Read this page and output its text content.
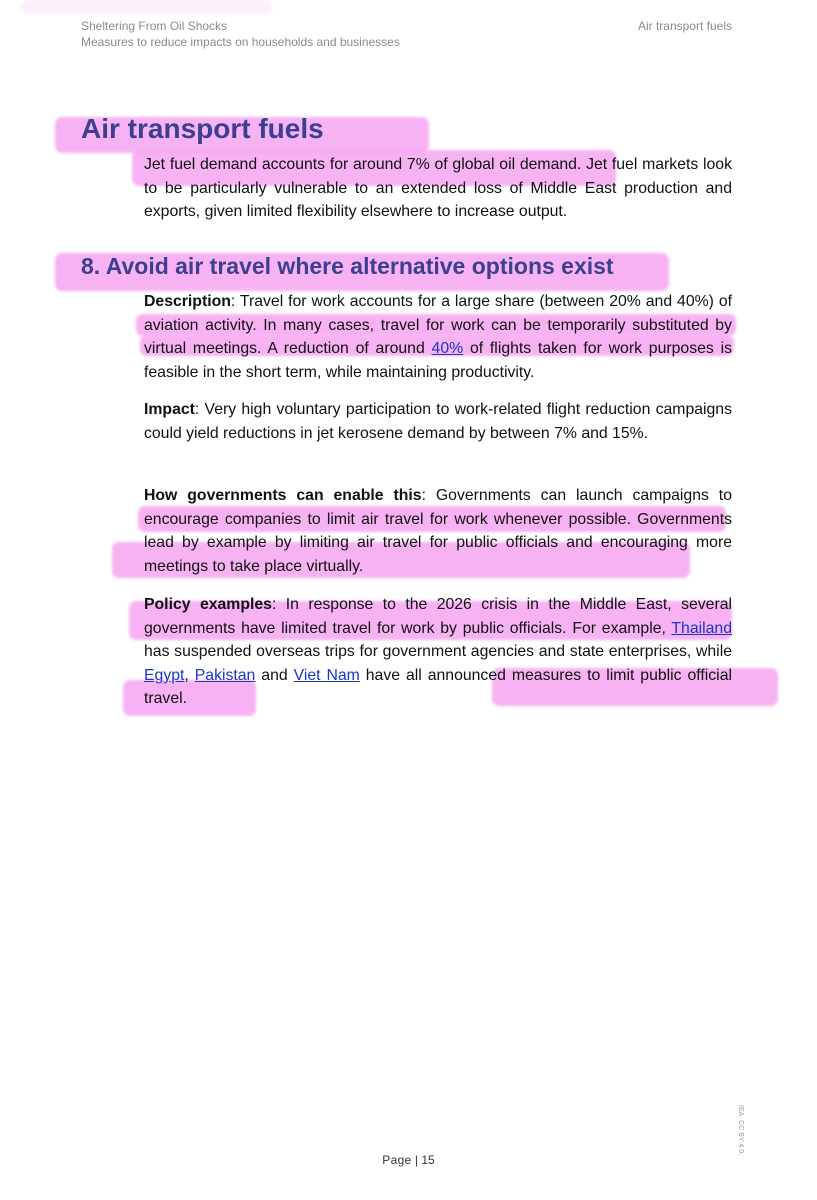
Sheltering From Oil Shocks
Measures to reduce impacts on households and businesses
Air transport fuels
Air transport fuels

Jet fuel demand accounts for around 7% of global oil demand. Jet fuel markets look to be particularly vulnerable to an extended loss of Middle East production and exports, given limited flexibility elsewhere to increase output.

8. Avoid air travel where alternative options exist

Description: Travel for work accounts for a large share (between 20% and 40%) of aviation activity. In many cases, travel for work can be temporarily substituted by virtual meetings. A reduction of around 40% of flights taken for work purposes is feasible in the short term, while maintaining productivity.

Impact: Very high voluntary participation to work-related flight reduction campaigns could yield reductions in jet kerosene demand by between 7% and 15%.

How governments can enable this: Governments can launch campaigns to encourage companies to limit air travel for work whenever possible. Governments lead by example by limiting air travel for public officials and encouraging more meetings to take place virtually.

Policy examples: In response to the 2026 crisis in the Middle East, several governments have limited travel for work by public officials. For example, Thailand has suspended overseas trips for government agencies and state enterprises, while Egypt, Pakistan and Viet Nam have all announced measures to limit public official travel.

Page | 15
IEA. CC BY 4.0.
